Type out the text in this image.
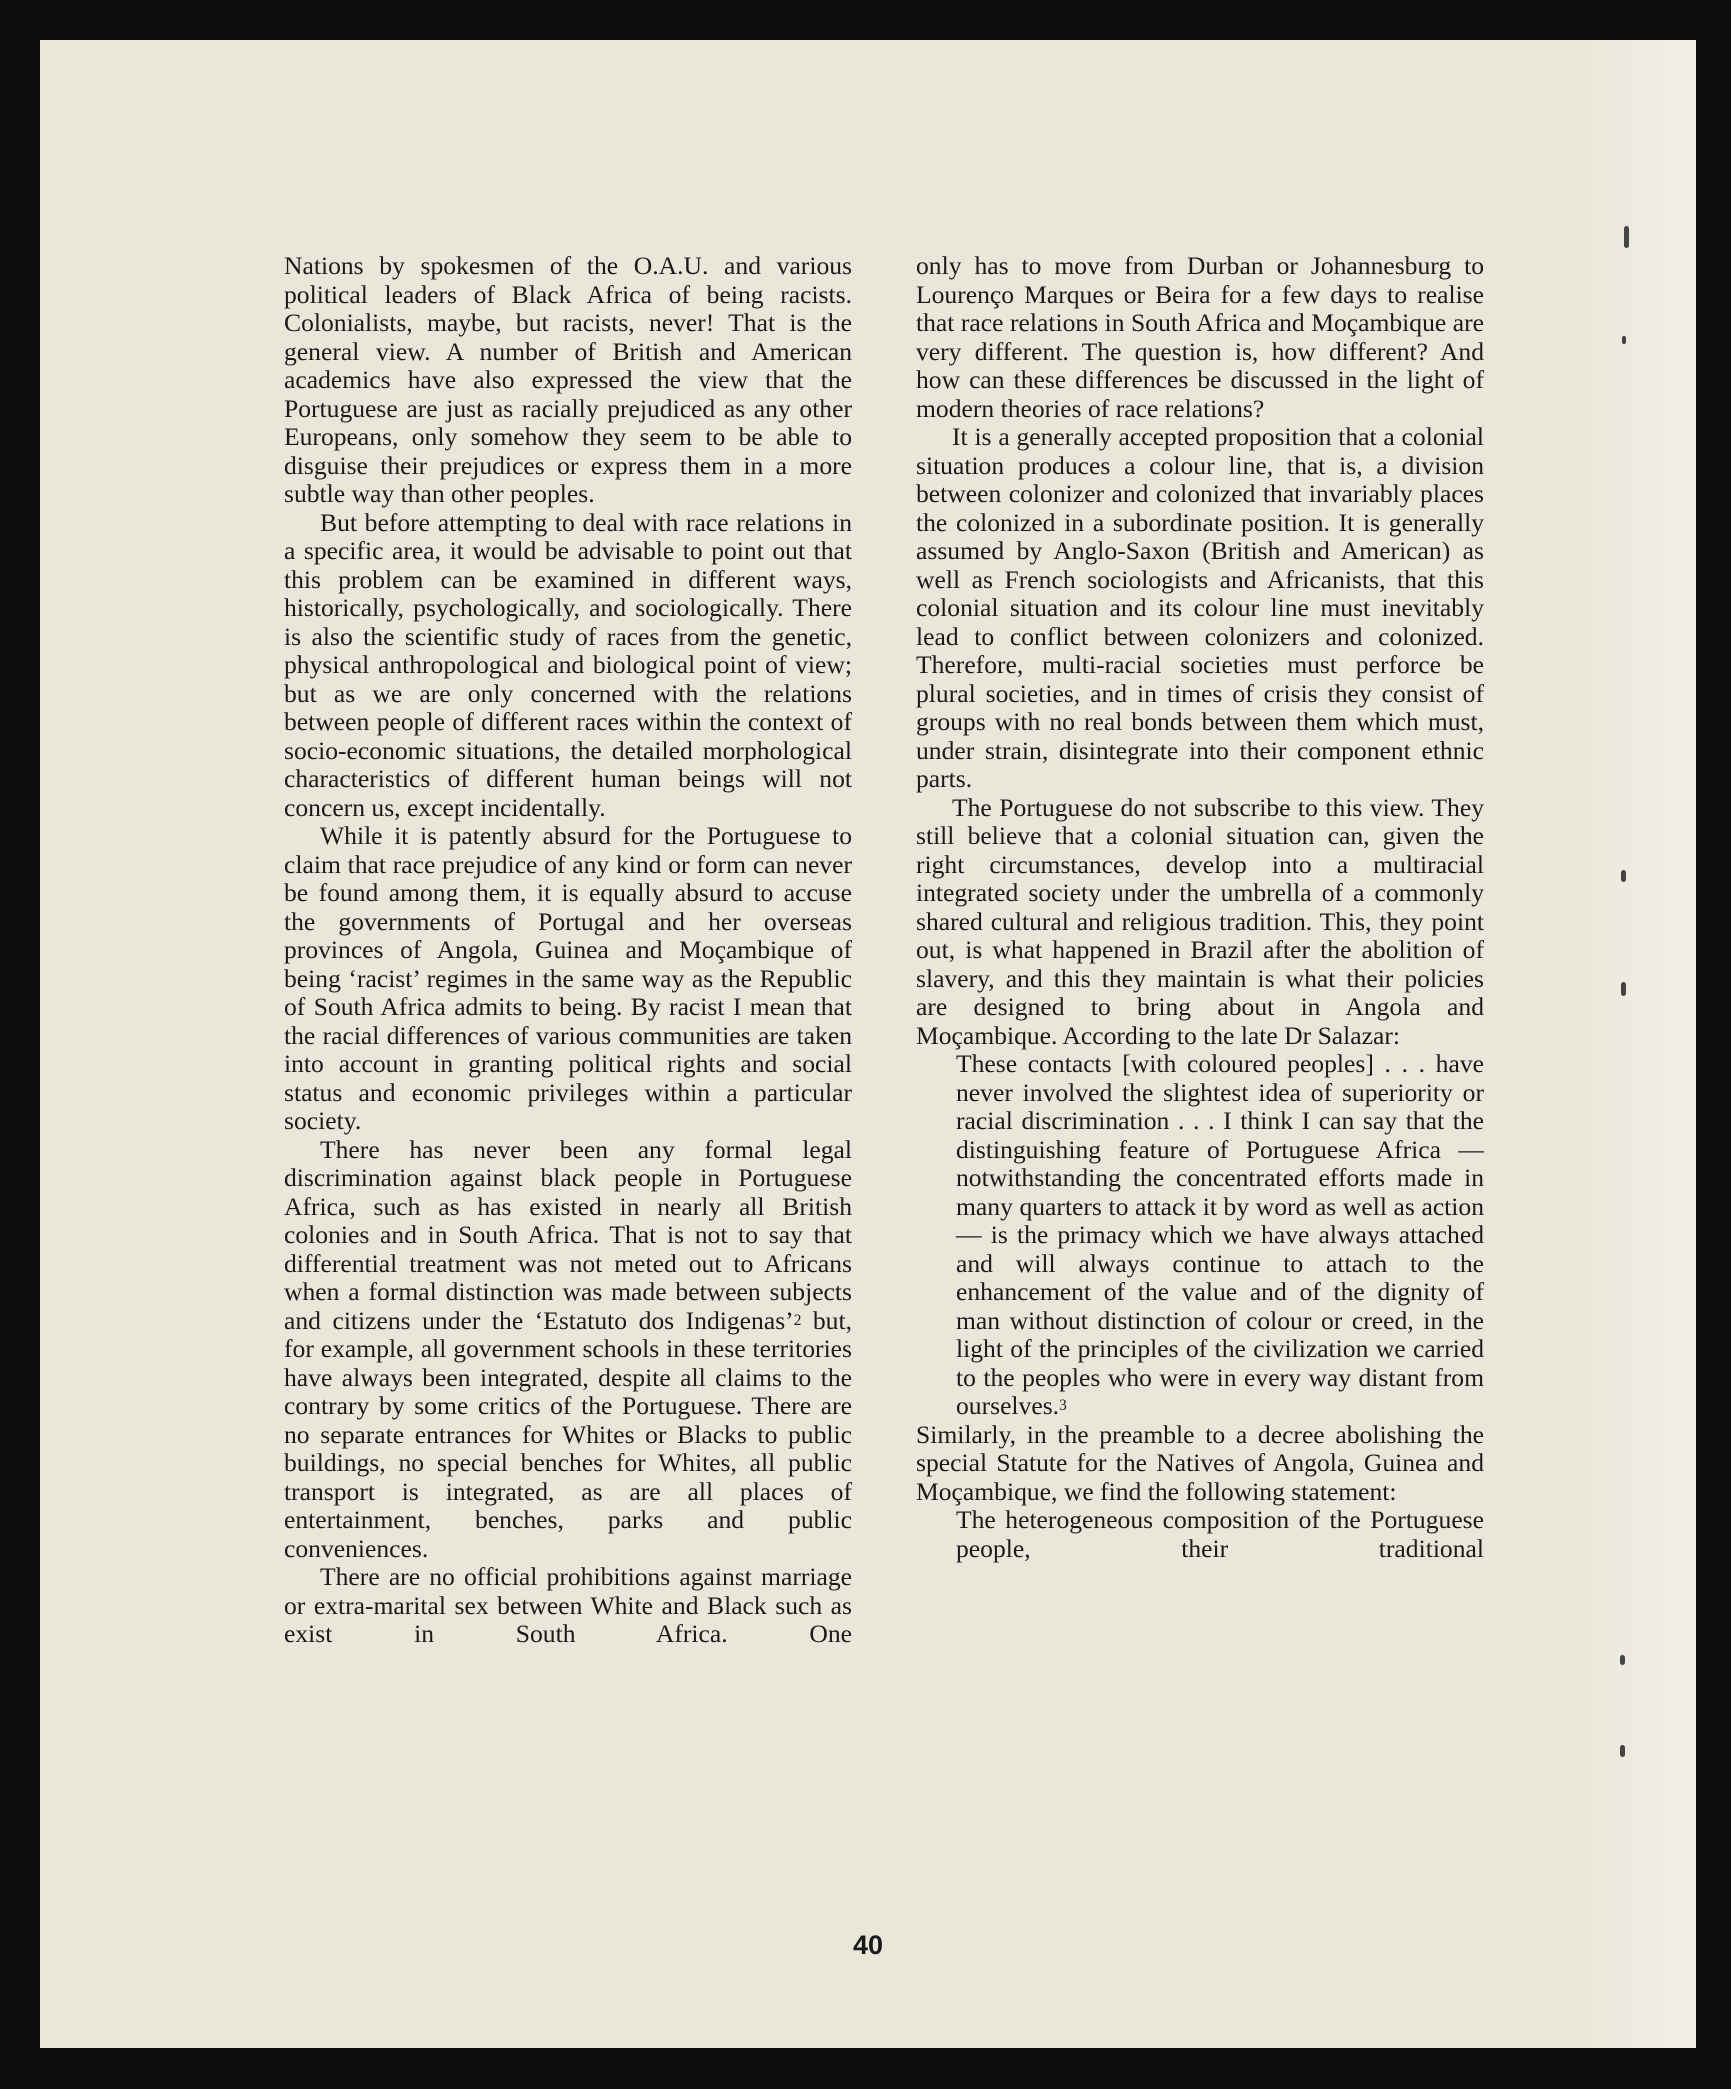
Nations by spokesmen of the O.A.U. and various political leaders of Black Africa of being racists. Colonialists, maybe, but racists, never! That is the general view. A number of British and American academics have also expressed the view that the Portuguese are just as racially prejudiced as any other Europeans, only somehow they seem to be able to disguise their prejudices or express them in a more subtle way than other peoples.

But before attempting to deal with race relations in a specific area, it would be advisable to point out that this problem can be examined in different ways, historically, psychologically, and sociologically. There is also the scientific study of races from the genetic, physical anthropological and biological point of view; but as we are only concerned with the relations between people of different races within the context of socio-economic situations, the detailed morphological characteristics of different human beings will not concern us, except incidentally.

While it is patently absurd for the Portuguese to claim that race prejudice of any kind or form can never be found among them, it is equally absurd to accuse the governments of Portugal and her overseas provinces of Angola, Guinea and Moçambique of being ‘racist’ regimes in the same way as the Republic of South Africa admits to being. By racist I mean that the racial differences of various communities are taken into account in granting political rights and social status and economic privileges within a particular society.

There has never been any formal legal discrimination against black people in Portuguese Africa, such as has existed in nearly all British colonies and in South Africa. That is not to say that differential treatment was not meted out to Africans when a formal distinction was made between subjects and citizens under the ‘Estatuto dos Indigenas’$^2$ but, for example, all government schools in these territories have always been integrated, despite all claims to the contrary by some critics of the Portuguese. There are no separate entrances for Whites or Blacks to public buildings, no special benches for Whites, all public transport is integrated, as are all places of entertainment, benches, parks and public conveniences.

There are no official prohibitions against marriage or extra-marital sex between White and Black such as exist in South Africa. One

only has to move from Durban or Johannesburg to Lourenço Marques or Beira for a few days to realise that race relations in South Africa and Moçambique are very different. The question is, how different? And how can these differences be discussed in the light of modern theories of race relations?

It is a generally accepted proposition that a colonial situation produces a colour line, that is, a division between colonizer and colonized that invariably places the colonized in a subordinate position. It is generally assumed by Anglo-Saxon (British and American) as well as French sociologists and Africanists, that this colonial situation and its colour line must inevitably lead to conflict between colonizers and colonized. Therefore, multi-racial societies must perforce be plural societies, and in times of crisis they consist of groups with no real bonds between them which must, under strain, disintegrate into their component ethnic parts.

The Portuguese do not subscribe to this view. They still believe that a colonial situation can, given the right circumstances, develop into a multiracial integrated society under the umbrella of a commonly shared cultural and religious tradition. This, they point out, is what happened in Brazil after the abolition of slavery, and this they maintain is what their policies are designed to bring about in Angola and Moçambique. According to the late Dr Salazar:

These contacts [with coloured peoples] . . . have never involved the slightest idea of superiority or racial discrimination . . . I think I can say that the distinguishing feature of Portuguese Africa — notwithstanding the concentrated efforts made in many quarters to attack it by word as well as action — is the primacy which we have always attached and will always continue to attach to the enhancement of the value and of the dignity of man without distinction of colour or creed, in the light of the principles of the civilization we carried to the peoples who were in every way distant from ourselves.$^3$

Similarly, in the preamble to a decree abolishing the special Statute for the Natives of Angola, Guinea and Moçambique, we find the following statement:

The heterogeneous composition of the Portuguese people, their traditional

40
